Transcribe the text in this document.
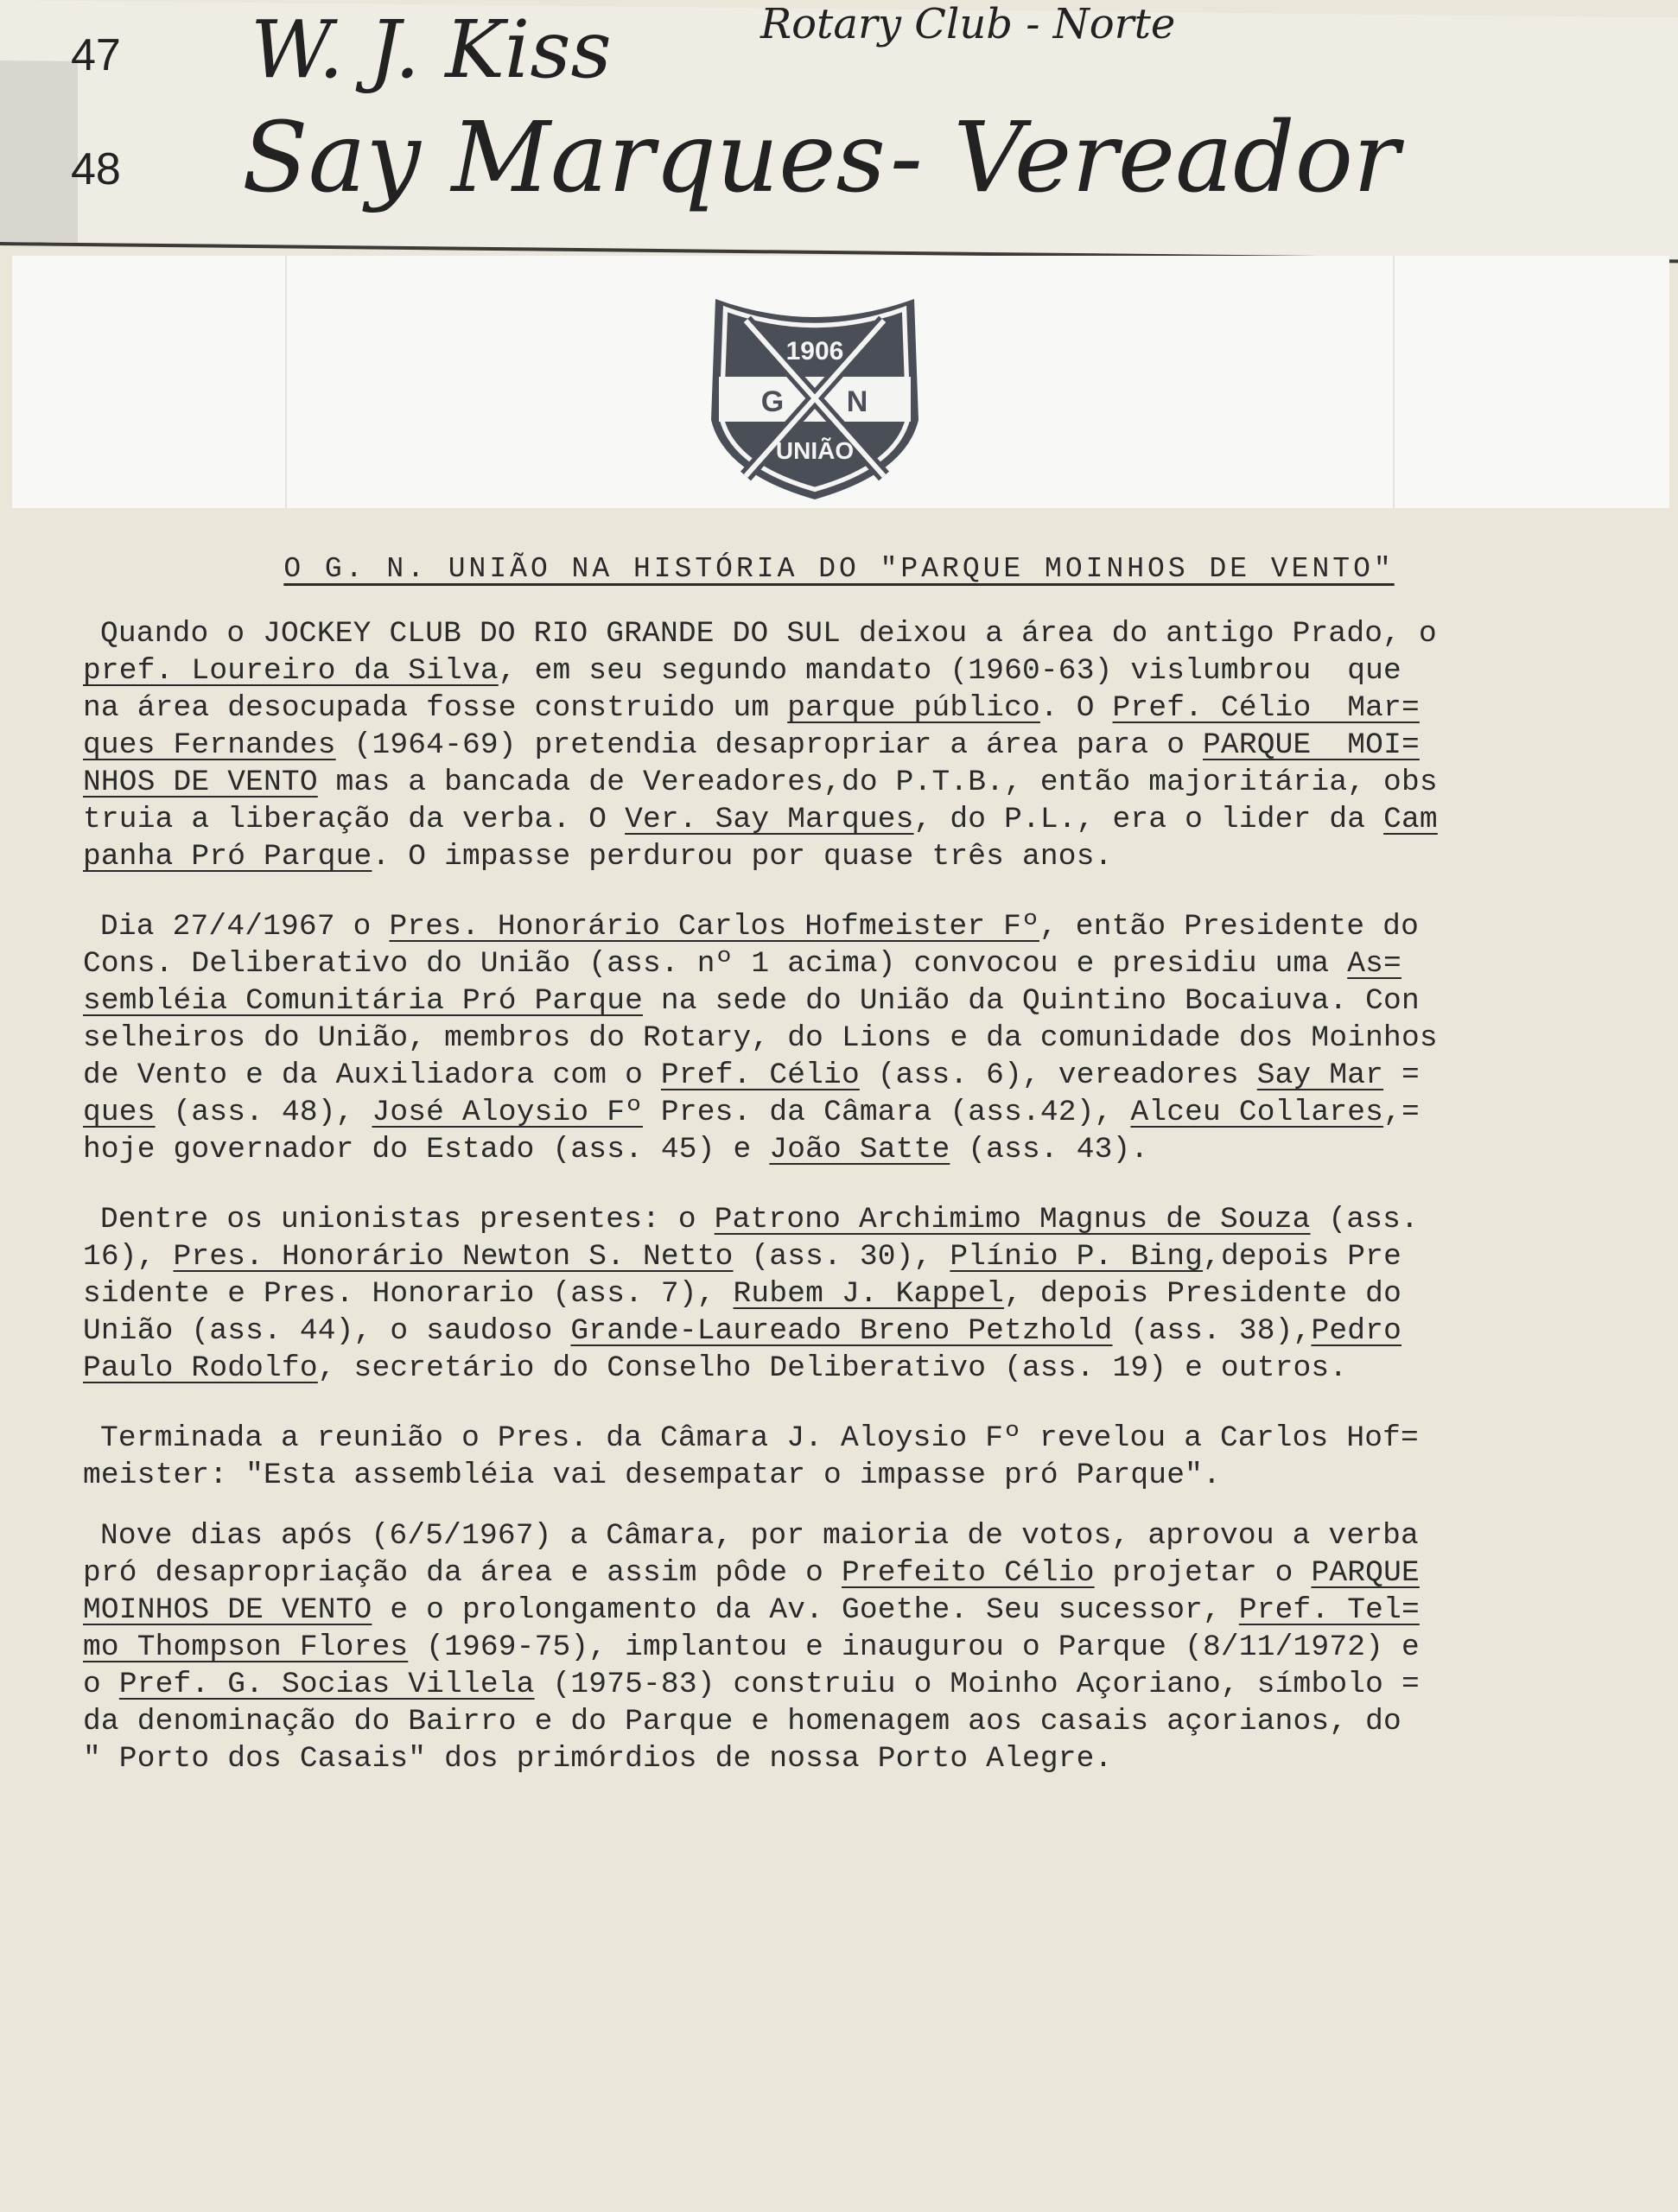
47 W. J. Kiss	Rotary Club - Norte
48 Say Marques - Vereador
1906
G N
UNIÃO
O G. N. UNIÃO NA HISTÓRIA DO "PARQUE MOINHOS DE VENTO"
Quando o JOCKEY CLUB DO RIO GRANDE DO SUL deixou a área do antigo Prado, o
pref. Loureiro da Silva, em seu segundo mandato (1960-63) vislumbrou  que
na área desocupada fosse construido um parque público. O Pref. Célio  Mar=
ques Fernandes (1964-69) pretendia desapropriar a área para o PARQUE  MOI=
NHOS DE VENTO mas a bancada de Vereadores,do P.T.B., então majoritária, obs
truia a liberação da verba. O Ver. Say Marques, do P.L., era o lider da Cam
panha Pró Parque. O impasse perdurou por quase três anos.
Dia 27/4/1967 o Pres. Honorário Carlos Hofmeister Fº, então Presidente do
Cons. Deliberativo do União (ass. nº 1 acima) convocou e presidiu uma As=
sembléia Comunitária Pró Parque na sede do União da Quintino Bocaiuva. Con
selheiros do União, membros do Rotary, do Lions e da comunidade dos Moinhos
de Vento e da Auxiliadora com o Pref. Célio (ass. 6), vereadores Say Mar =
ques (ass. 48), José Aloysio Fº Pres. da Câmara (ass.42), Alceu Collares,=
hoje governador do Estado (ass. 45) e João Satte (ass. 43).
Dentre os unionistas presentes: o Patrono Archimimo Magnus de Souza (ass.
16), Pres. Honorário Newton S. Netto (ass. 30), Plínio P. Bing,depois Pre
sidente e Pres. Honorario (ass. 7), Rubem J. Kappel, depois Presidente do
União (ass. 44), o saudoso Grande-Laureado Breno Petzhold (ass. 38),Pedro
Paulo Rodolfo, secretário do Conselho Deliberativo (ass. 19) e outros.
Terminada a reunião o Pres. da Câmara J. Aloysio Fº revelou a Carlos Hof=
meister: "Esta assembléia vai desempatar o impasse pró Parque".
Nove dias após (6/5/1967) a Câmara, por maioria de votos, aprovou a verba
pró desapropriação da área e assim pôde o Prefeito Célio projetar o PARQUE
MOINHOS DE VENTO e o prolongamento da Av. Goethe. Seu sucessor, Pref. Tel=
mo Thompson Flores (1969-75), implantou e inaugurou o Parque (8/11/1972) e
o Pref. G. Socias Villela (1975-83) construiu o Moinho Açoriano, símbolo =
da denominação do Bairro e do Parque e homenagem aos casais açorianos, do
" Porto dos Casais" dos primórdios de nossa Porto Alegre.
